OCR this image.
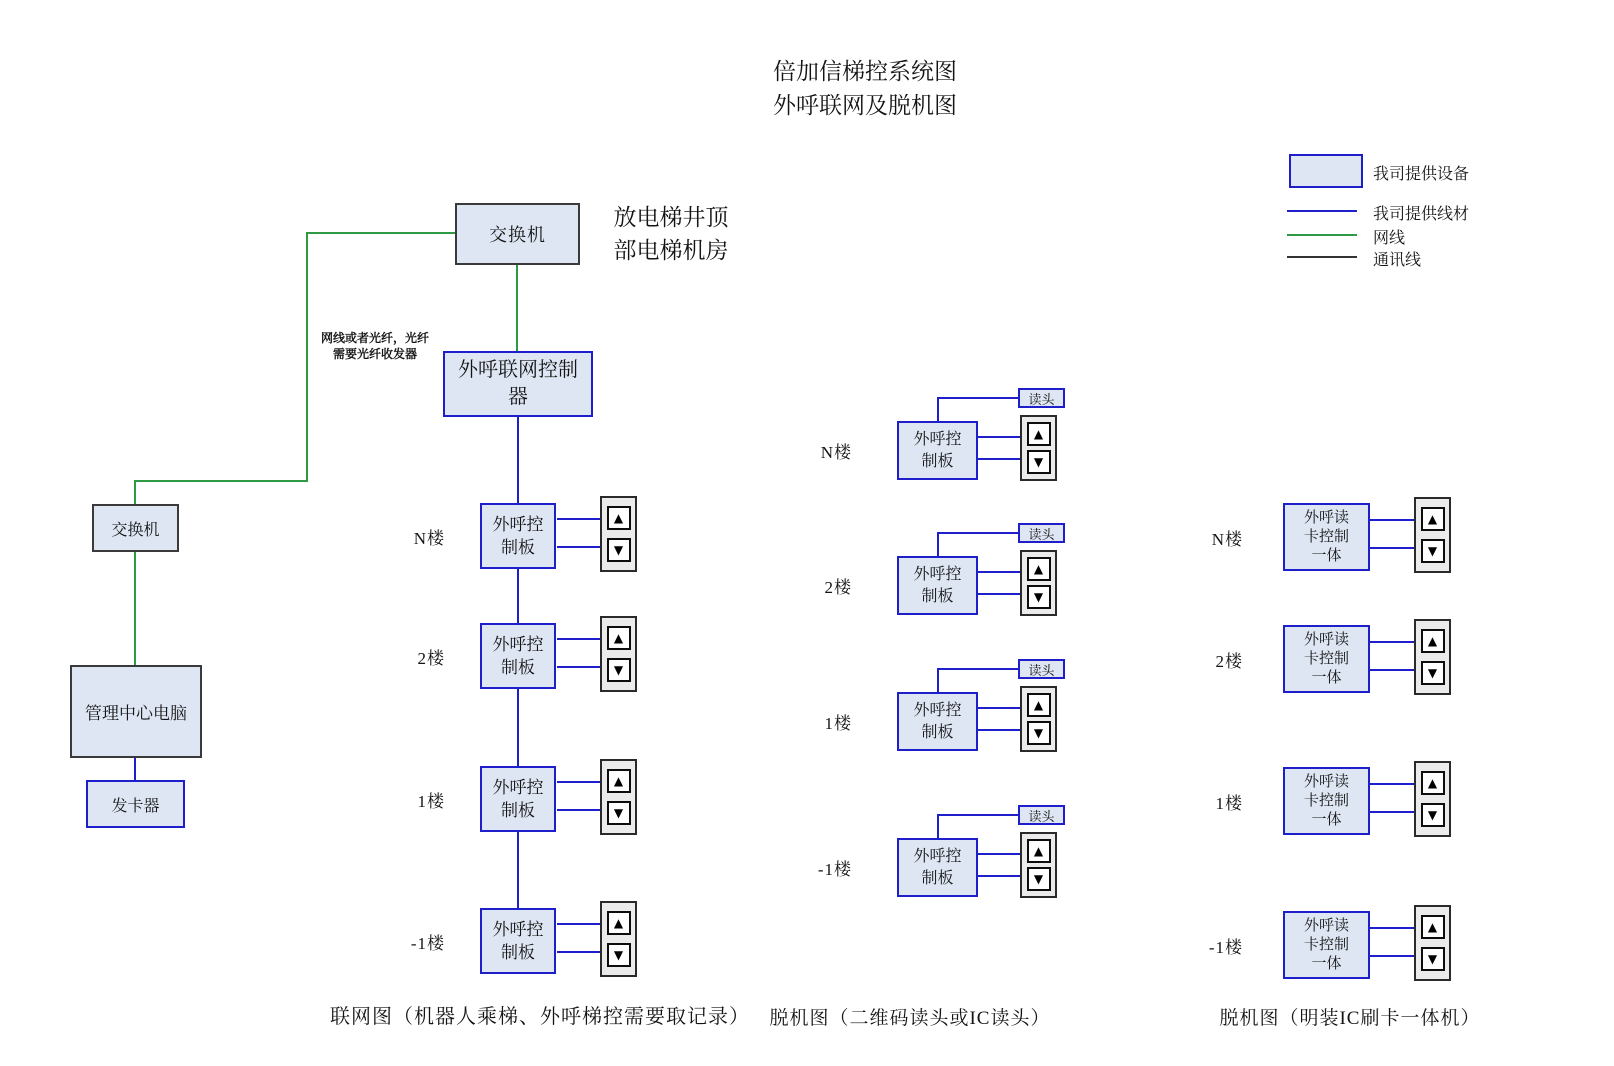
倍加信梯控系统图
外呼联网及脱机图
我司提供设备
我司提供线材
网线
通讯线
交换机
放电梯井顶
部电梯机房
网线或者光纤，光纤
需要光纤收发器
外呼联网控制
器
交换机
管理中心电脑
发卡器
N楼
外呼控
制板
▲
▼
2楼
外呼控
制板
▲
▼
1楼
外呼控
制板
▲
▼
-1楼
外呼控
制板
▲
▼
联网图（机器人乘梯、外呼梯控需要取记录）
N楼
外呼控
制板
读头
▲
▼
2楼
外呼控
制板
读头
▲
▼
1楼
外呼控
制板
读头
▲
▼
-1楼
外呼控
制板
读头
▲
▼
脱机图（二维码读头或IC读头）
N楼
外呼读
卡控制
一体
▲
▼
2楼
外呼读
卡控制
一体
▲
▼
1楼
外呼读
卡控制
一体
▲
▼
-1楼
外呼读
卡控制
一体
▲
▼
脱机图（明装IC刷卡一体机）
